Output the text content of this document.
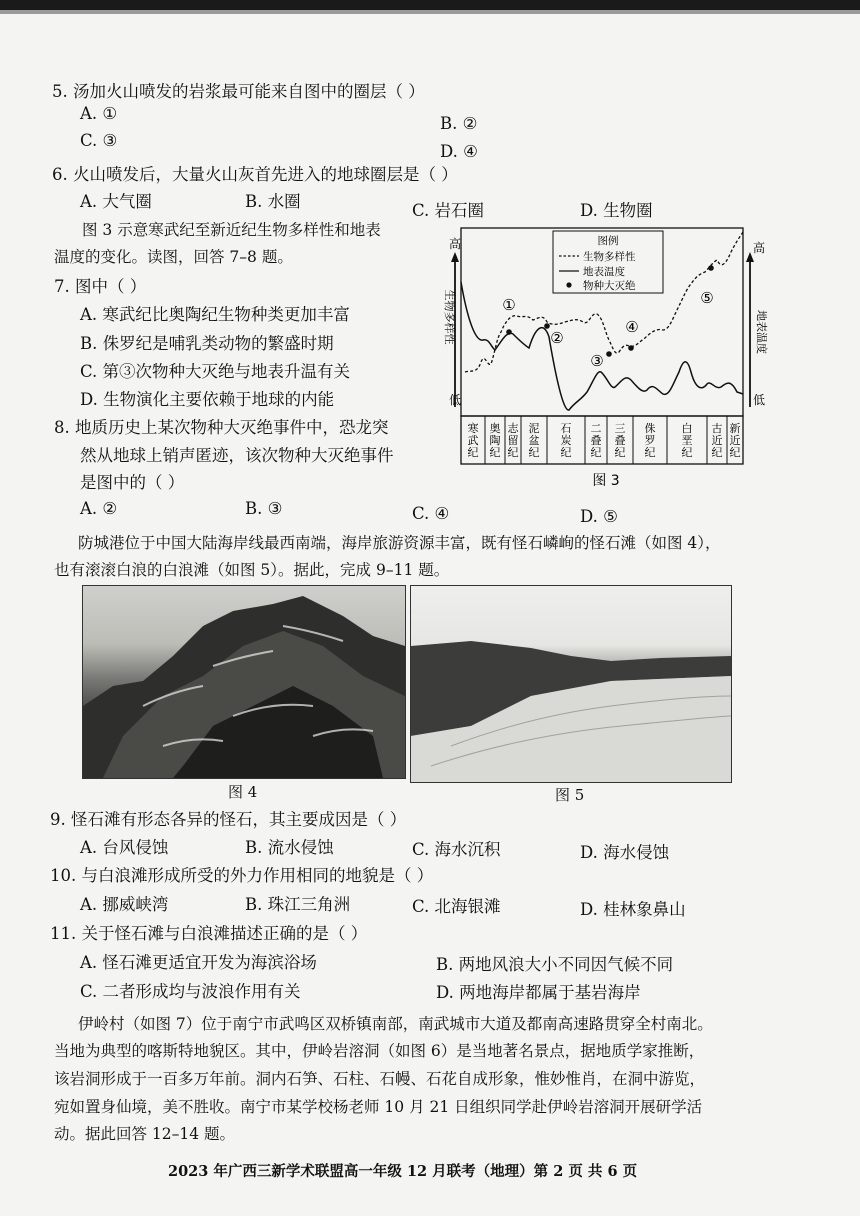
5. 汤加火山喷发的岩浆最可能来自图中的圈层（ ）
A. ①
B. ②
C. ③
D. ④
6. 火山喷发后，大量火山灰首先进入的地球圈层是（ ）
A. 大气圈	B. 水圈	C. 岩石圈	D. 生物圈
图 3 示意寒武纪至新近纪生物多样性和地表
温度的变化。读图，回答 7–8 题。
7. 图中（ ）
A. 寒武纪比奥陶纪生物种类更加丰富
B. 侏罗纪是哺乳类动物的繁盛时期
C. 第③次物种大灭绝与地表升温有关
D. 生物演化主要依赖于地球的内能
8. 地质历史上某次物种大灭绝事件中，恐龙突
然从地球上销声匿迹，该次物种大灭绝事件
是图中的（ ）
A. ②	B. ③	C. ④	D. ⑤
高
低
高
低
生物多样性	地表温度
图例
生物多样性
地表温度
物种大灭绝
①
②
③
④
⑤
寒武纪
奥陶纪
志留纪
泥盆纪
石炭纪
二叠纪
三叠纪
侏罗纪
白垩纪
古近纪
新近纪
图 3
防城港位于中国大陆海岸线最西南端，海岸旅游资源丰富，既有怪石嶙峋的怪石滩（如图 4），
也有滚滚白浪的白浪滩（如图 5）。据此，完成 9–11 题。
图 4	图 5
9. 怪石滩有形态各异的怪石，其主要成因是（ ）
A. 台风侵蚀	B. 流水侵蚀	C. 海水沉积	D. 海水侵蚀
10. 与白浪滩形成所受的外力作用相同的地貌是（ ）
A. 挪威峡湾	B. 珠江三角洲	C. 北海银滩	D. 桂林象鼻山
11. 关于怪石滩与白浪滩描述正确的是（ ）
A. 怪石滩更适宜开发为海滨浴场	B. 两地风浪大小不同因气候不同
C. 二者形成均与波浪作用有关	D. 两地海岸都属于基岩海岸
伊岭村（如图 7）位于南宁市武鸣区双桥镇南部，南武城市大道及都南高速路贯穿全村南北。
当地为典型的喀斯特地貌区。其中，伊岭岩溶洞（如图 6）是当地著名景点，据地质学家推断，
该岩洞形成于一百多万年前。洞内石笋、石柱、石幔、石花自成形象，惟妙惟肖，在洞中游览，
宛如置身仙境，美不胜收。南宁市某学校杨老师 10 月 21 日组织同学赴伊岭岩溶洞开展研学活
动。据此回答 12–14 题。
2023 年广西三新学术联盟高一年级 12 月联考（地理）第 2 页 共 6 页
